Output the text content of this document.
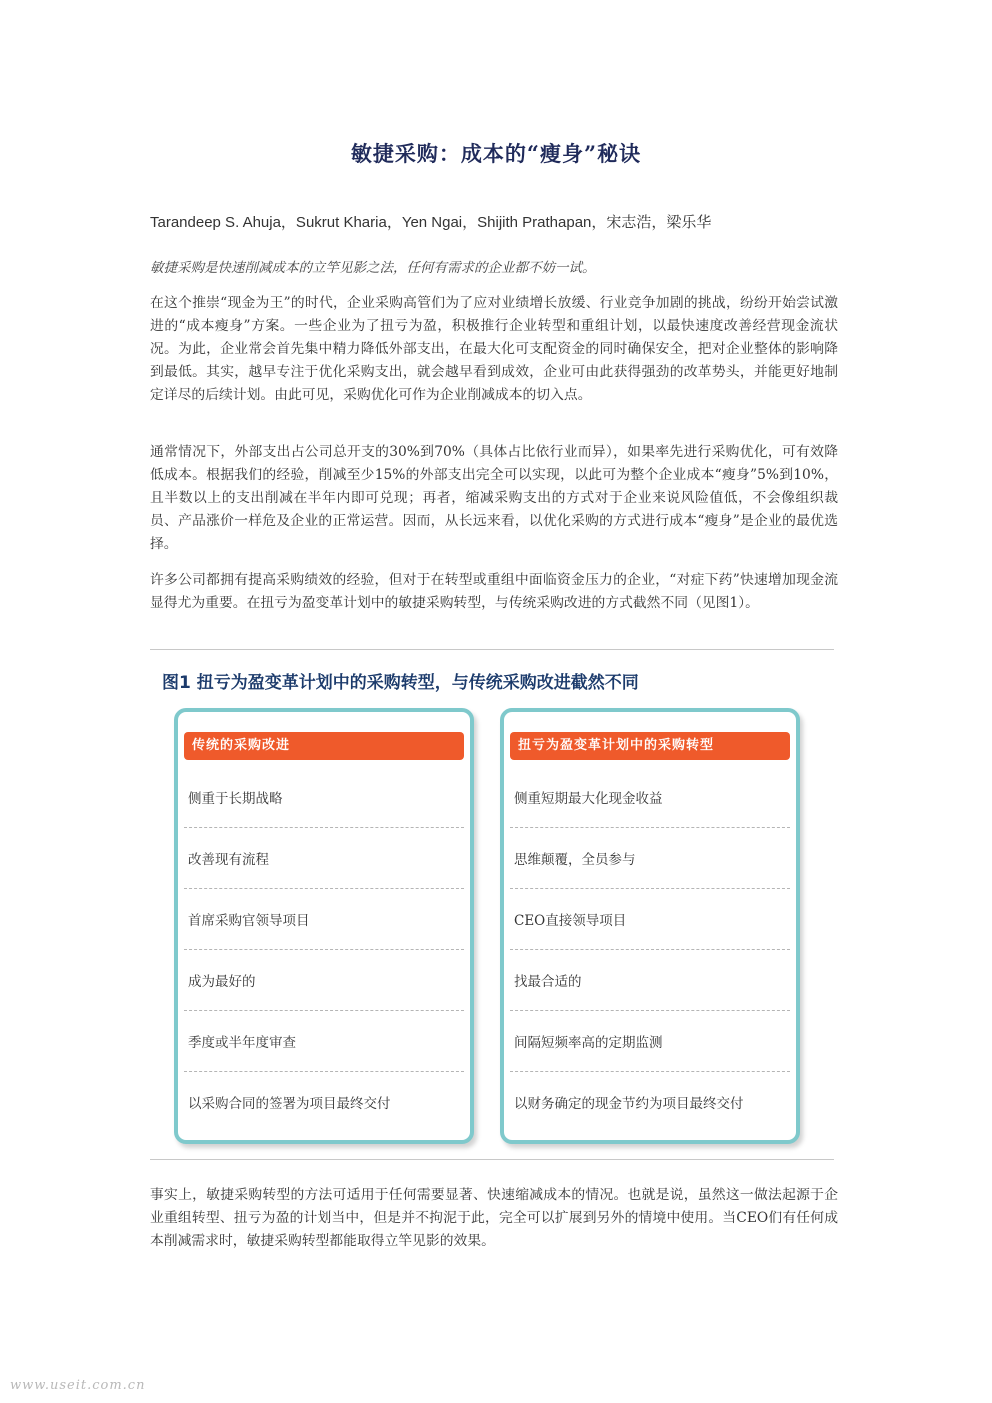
敏捷采购：成本的“瘦身”秘诀
Tarandeep S. Ahuja，Sukrut Kharia，Yen Ngai，Shijith Prathapan，宋志浩，梁乐华
敏捷采购是快速削减成本的立竿见影之法，任何有需求的企业都不妨一试。

在这个推崇“现金为王”的时代，企业采购高管们为了应对业绩增长放缓、行业竞争加剧的挑战，纷纷开始尝试激进的“成本瘦身”方案。一些企业为了扭亏为盈，积极推行企业转型和重组计划，以最快速度改善经营现金流状况。为此，企业常会首先集中精力降低外部支出，在最大化可支配资金的同时确保安全，把对企业整体的影响降到最低。其实，越早专注于优化采购支出，就会越早看到成效，企业可由此获得强劲的改革势头，并能更好地制定详尽的后续计划。由此可见，采购优化可作为企业削减成本的切入点。

通常情况下，外部支出占公司总开支的30%到70%（具体占比依行业而异），如果率先进行采购优化，可有效降低成本。根据我们的经验，削减至少15%的外部支出完全可以实现，以此可为整个企业成本“瘦身”5%到10%，且半数以上的支出削减在半年内即可兑现；再者，缩减采购支出的方式对于企业来说风险值低，不会像组织裁员、产品涨价一样危及企业的正常运营。因而，从长远来看，以优化采购的方式进行成本“瘦身”是企业的最优选择。

许多公司都拥有提高采购绩效的经验，但对于在转型或重组中面临资金压力的企业，“对症下药”快速增加现金流显得尤为重要。在扭亏为盈变革计划中的敏捷采购转型，与传统采购改进的方式截然不同（见图1）。

图1 扭亏为盈变革计划中的采购转型，与传统采购改进截然不同
传统的采购改进
侧重于长期战略
改善现有流程
首席采购官领导项目
成为最好的
季度或半年度审查
以采购合同的签署为项目最终交付
扭亏为盈变革计划中的采购转型
侧重短期最大化现金收益
思维颠覆，全员参与
CEO直接领导项目
找最合适的
间隔短频率高的定期监测
以财务确定的现金节约为项目最终交付

事实上，敏捷采购转型的方法可适用于任何需要显著、快速缩减成本的情况。也就是说，虽然这一做法起源于企业重组转型、扭亏为盈的计划当中，但是并不拘泥于此，完全可以扩展到另外的情境中使用。当CEO们有任何成本削减需求时，敏捷采购转型都能取得立竿见影的效果。

www.useit.com.cn
